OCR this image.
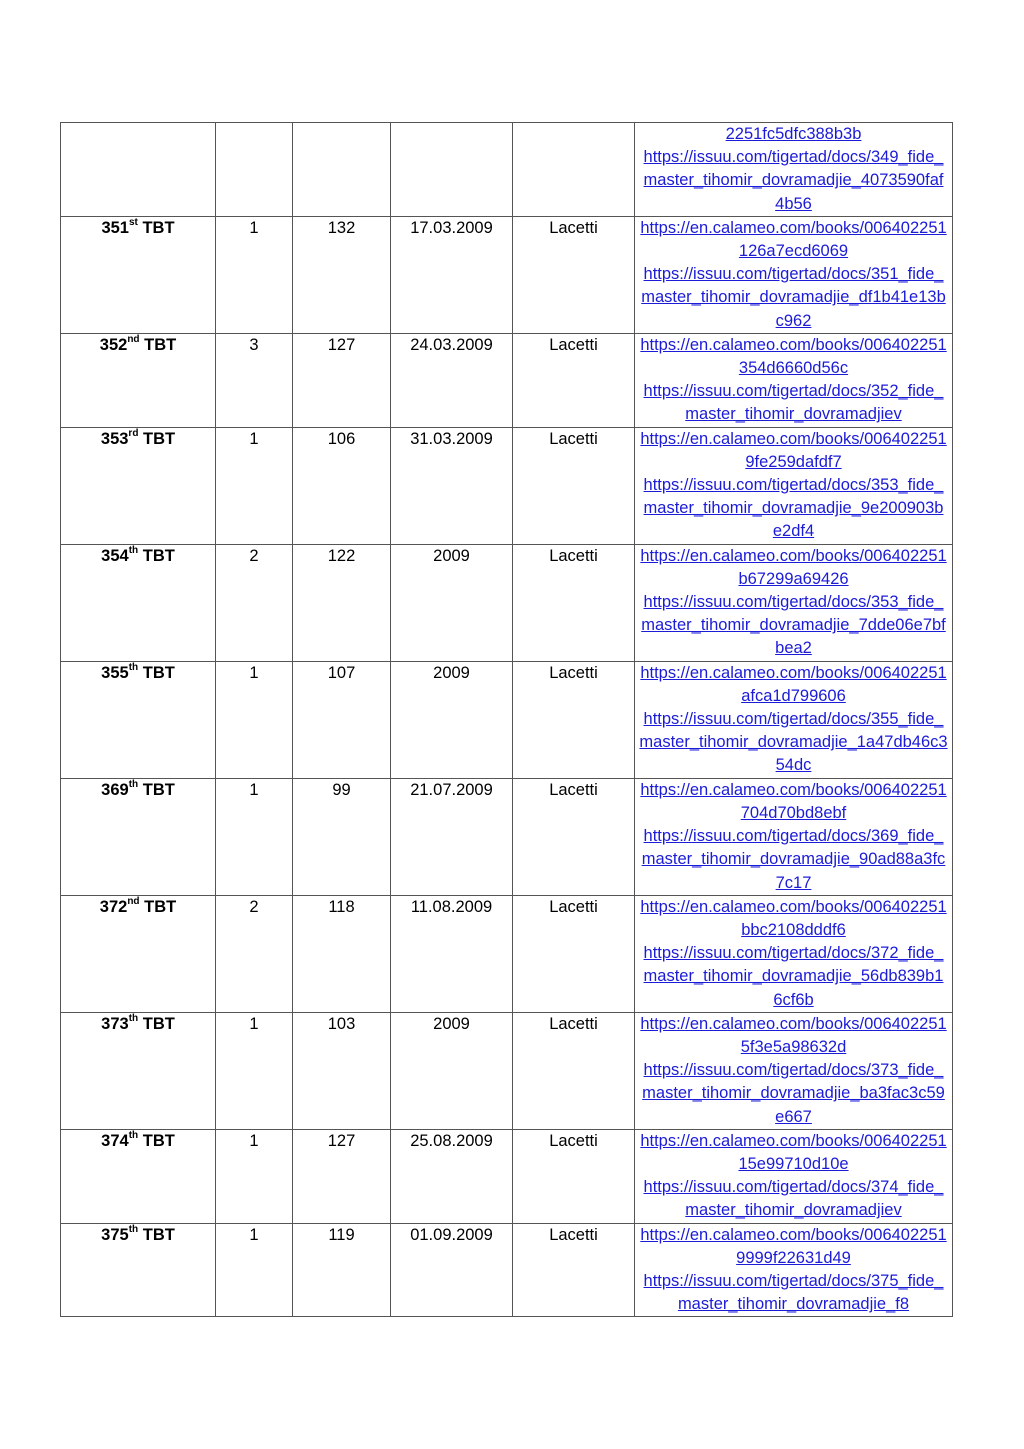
					2251fc5dfc388b3b
https://issuu.com/tigertad/docs/349_fide_master_tihomir_dovramadjie_4073590faf4b56

351st TBT	1	132	17.03.2009	Lacetti	https://en.calameo.com/books/006402251126a7ecd6069
https://issuu.com/tigertad/docs/351_fide_master_tihomir_dovramadjie_df1b41e13bc962

352nd TBT	3	127	24.03.2009	Lacetti	https://en.calameo.com/books/006402251354d6660d56c
https://issuu.com/tigertad/docs/352_fide_master_tihomir_dovramadjiev

353rd TBT	1	106	31.03.2009	Lacetti	https://en.calameo.com/books/0064022519fe259dafdf7
https://issuu.com/tigertad/docs/353_fide_master_tihomir_dovramadjie_9e200903be2df4

354th TBT	2	122	2009	Lacetti	https://en.calameo.com/books/006402251b67299a69426
https://issuu.com/tigertad/docs/353_fide_master_tihomir_dovramadjie_7dde06e7bfbea2

355th TBT	1	107	2009	Lacetti	https://en.calameo.com/books/006402251afca1d799606
https://issuu.com/tigertad/docs/355_fide_master_tihomir_dovramadjie_1a47db46c354dc

369th TBT	1	99	21.07.2009	Lacetti	https://en.calameo.com/books/006402251704d70bd8ebf
https://issuu.com/tigertad/docs/369_fide_master_tihomir_dovramadjie_90ad88a3fc7c17

372nd TBT	2	118	11.08.2009	Lacetti	https://en.calameo.com/books/006402251bbc2108dddf6
https://issuu.com/tigertad/docs/372_fide_master_tihomir_dovramadjie_56db839b16cf6b

373th TBT	1	103	2009	Lacetti	https://en.calameo.com/books/0064022515f3e5a98632d
https://issuu.com/tigertad/docs/373_fide_master_tihomir_dovramadjie_ba3fac3c59e667

374th TBT	1	127	25.08.2009	Lacetti	https://en.calameo.com/books/00640225115e99710d10e
https://issuu.com/tigertad/docs/374_fide_master_tihomir_dovramadjiev

375th TBT	1	119	01.09.2009	Lacetti	https://en.calameo.com/books/0064022519999f22631d49
https://issuu.com/tigertad/docs/375_fide_master_tihomir_dovramadjie_f8
